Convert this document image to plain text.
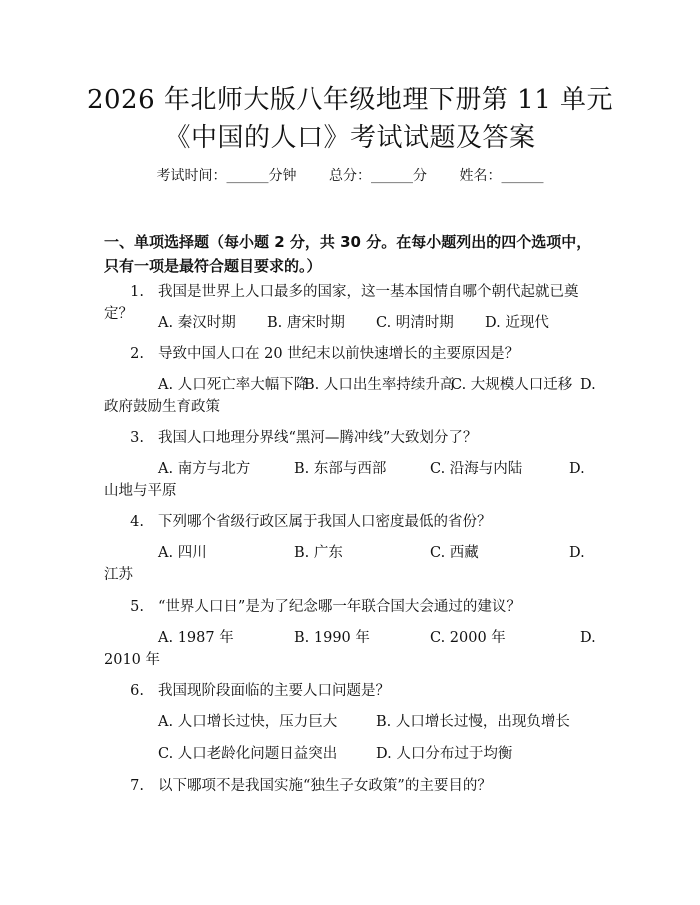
2026 年北师大版八年级地理下册第 11 单元
《中国的人口》考试试题及答案
考试时间：______分钟 总分：______分 姓名：______
一、单项选择题（每小题 2 分，共 30 分。在每小题列出的四个选项中，只有一项是最符合题目要求的。）
1. 我国是世界上人口最多的国家，这一基本国情自哪个朝代起就已奠定？
A. 秦汉时期 B. 唐宋时期 C. 明清时期 D. 近现代
2. 导致中国人口在 20 世纪末以前快速增长的主要原因是？
A. 人口死亡率大幅下降
B. 人口出生率持续升高
C. 大规模人口迁移 D.
政府鼓励生育政策
3. 我国人口地理分界线“黑河—腾冲线”大致划分了？
A. 南方与北方	B. 东部与西部	C. 沿海与内陆	D.
山地与平原
4. 下列哪个省级行政区属于我国人口密度最低的省份？
A. 四川	B. 广东	C. 西藏	D.
江苏
5. “世界人口日”是为了纪念哪一年联合国大会通过的建议？
A. 1987 年	B. 1990 年	C. 2000 年	D.
2010 年
6. 我国现阶段面临的主要人口问题是？
A. 人口增长过快，压力巨大	B. 人口增长过慢，出现负增长
C. 人口老龄化问题日益突出	D. 人口分布过于均衡
7. 以下哪项不是我国实施“独生子女政策”的主要目的？
